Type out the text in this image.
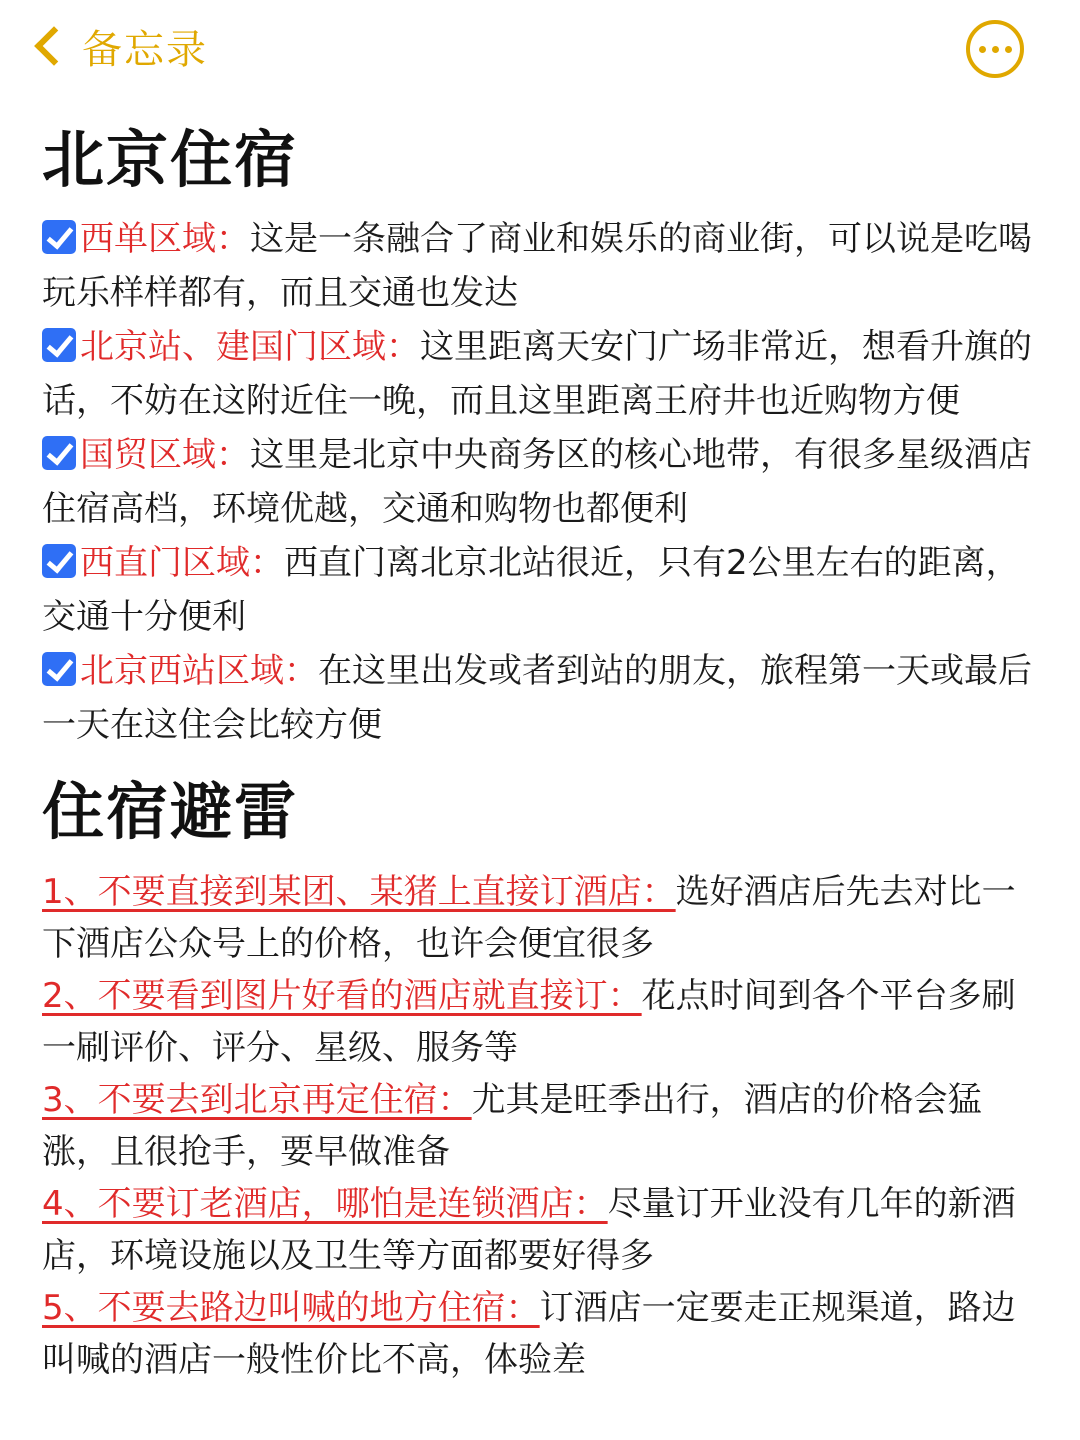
备忘录
北京住宿

西单区域：这是一条融合了商业和娱乐的商业街，可以说是吃喝玩乐样样都有，而且交通也发达

北京站、建国门区域：这里距离天安门广场非常近，想看升旗的话，不妨在这附近住一晚，而且这里距离王府井也近购物方便

国贸区域：这里是北京中央商务区的核心地带，有很多星级酒店住宿高档，环境优越，交通和购物也都便利

西直门区域：西直门离北京北站很近，只有2公里左右的距离，交通十分便利

北京西站区域：在这里出发或者到站的朋友，旅程第一天或最后一天在这住会比较方便

住宿避雷

1、不要直接到某团、某猪上直接订酒店：选好酒店后先去对比一下酒店公众号上的价格，也许会便宜很多

2、不要看到图片好看的酒店就直接订：花点时间到各个平台多刷一刷评价、评分、星级、服务等

3、不要去到北京再定住宿：尤其是旺季出行，酒店的价格会猛涨，且很抢手，要早做准备

4、不要订老酒店，哪怕是连锁酒店：尽量订开业没有几年的新酒店，环境设施以及卫生等方面都要好得多

5、不要去路边叫喊的地方住宿：订酒店一定要走正规渠道，路边叫喊的酒店一般性价比不高，体验差
